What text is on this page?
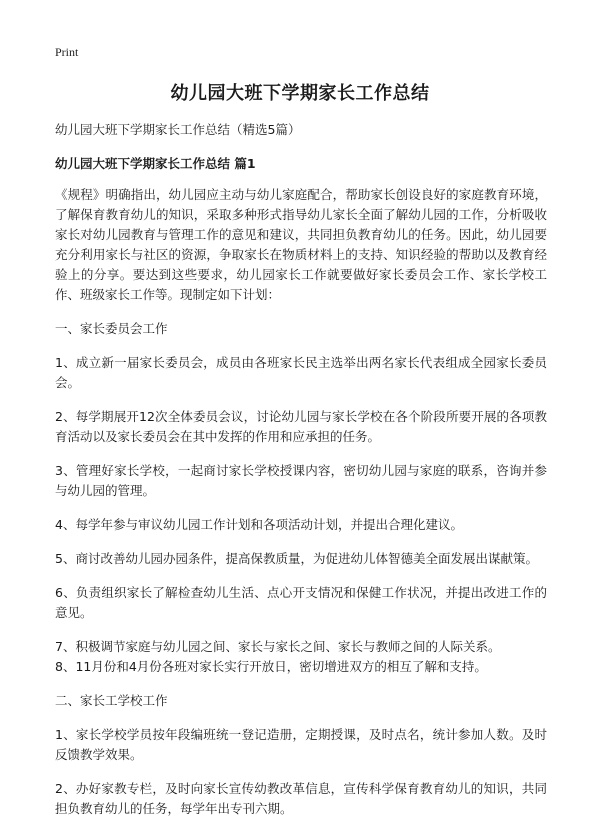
Print
幼儿园大班下学期家长工作总结

幼儿园大班下学期家长工作总结（精选5篇）

幼儿园大班下学期家长工作总结 篇1

《规程》明确指出，幼儿园应主动与幼儿家庭配合，帮助家长创设良好的家庭教育环境，了解保育教育幼儿的知识，采取多种形式指导幼儿家长全面了解幼儿园的工作，分析吸收家长对幼儿园教育与管理工作的意见和建议，共同担负教育幼儿的任务。因此，幼儿园要充分利用家长与社区的资源，争取家长在物质材料上的支持、知识经验的帮助以及教育经验上的分享。要达到这些要求，幼儿园家长工作就要做好家长委员会工作、家长学校工作、班级家长工作等。现制定如下计划：

一、家长委员会工作

1、成立新一届家长委员会，成员由各班家长民主选举出两名家长代表组成全园家长委员会。

2、每学期展开12次全体委员会议，讨论幼儿园与家长学校在各个阶段所要开展的各项教育活动以及家长委员会在其中发挥的作用和应承担的任务。

3、管理好家长学校，一起商讨家长学校授课内容，密切幼儿园与家庭的联系，咨询并参与幼儿园的管理。

4、每学年参与审议幼儿园工作计划和各项活动计划，并提出合理化建议。

5、商讨改善幼儿园办园条件，提高保教质量，为促进幼儿体智德美全面发展出谋献策。

6、负责组织家长了解检查幼儿生活、点心开支情况和保健工作状况，并提出改进工作的意见。

7、积极调节家庭与幼儿园之间、家长与家长之间、家长与教师之间的人际关系。

8、11月份和4月份各班对家长实行开放日，密切增进双方的相互了解和支持。

二、家长工学校工作

1、家长学校学员按年段编班统一登记造册，定期授课，及时点名，统计参加人数。及时反馈教学效果。

2、办好家教专栏，及时向家长宣传幼教改革信息，宣传科学保育教育幼儿的知识，共同担负教育幼儿的任务，每学年出专刊六期。
